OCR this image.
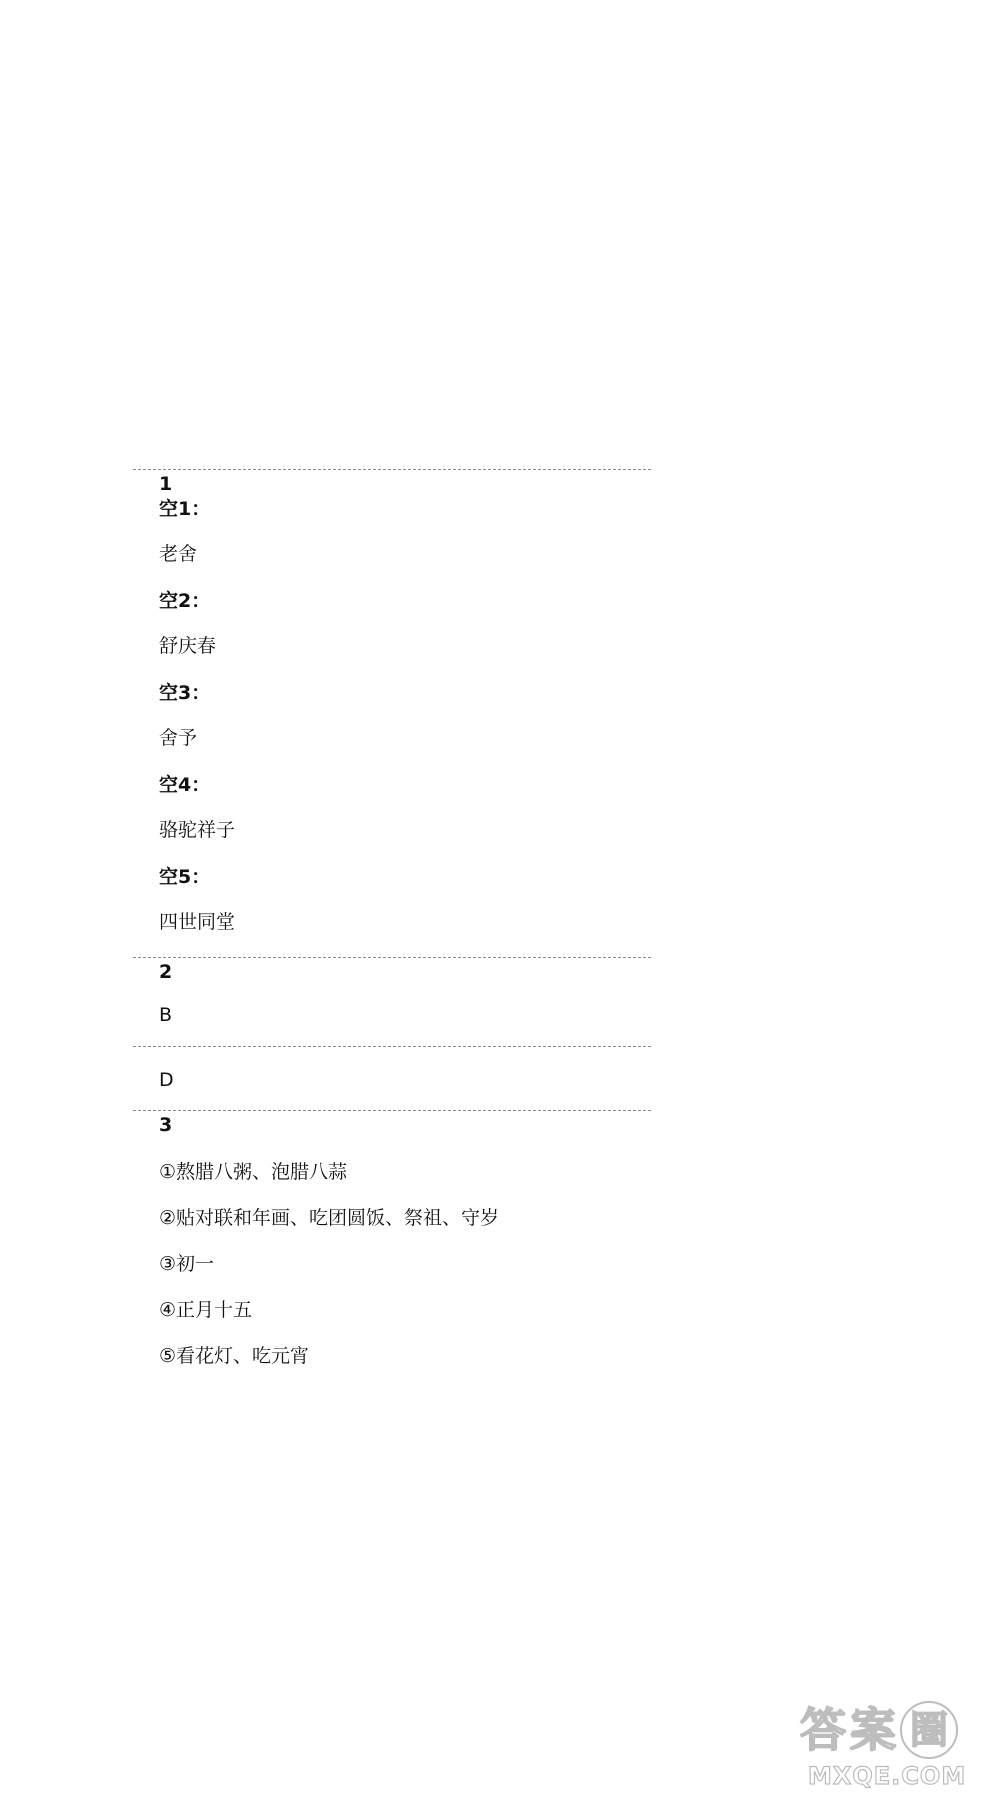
1
空1：
老舍
空2：
舒庆春
空3：
舍予
空4：
骆驼祥子
空5：
四世同堂
2
B
D
3
①熬腊八粥、泡腊八蒜
②贴对联和年画、吃团圆饭、祭祖、守岁
③初一
④正月十五
⑤看花灯、吃元宵
答 案 圈
MXQE.COM
